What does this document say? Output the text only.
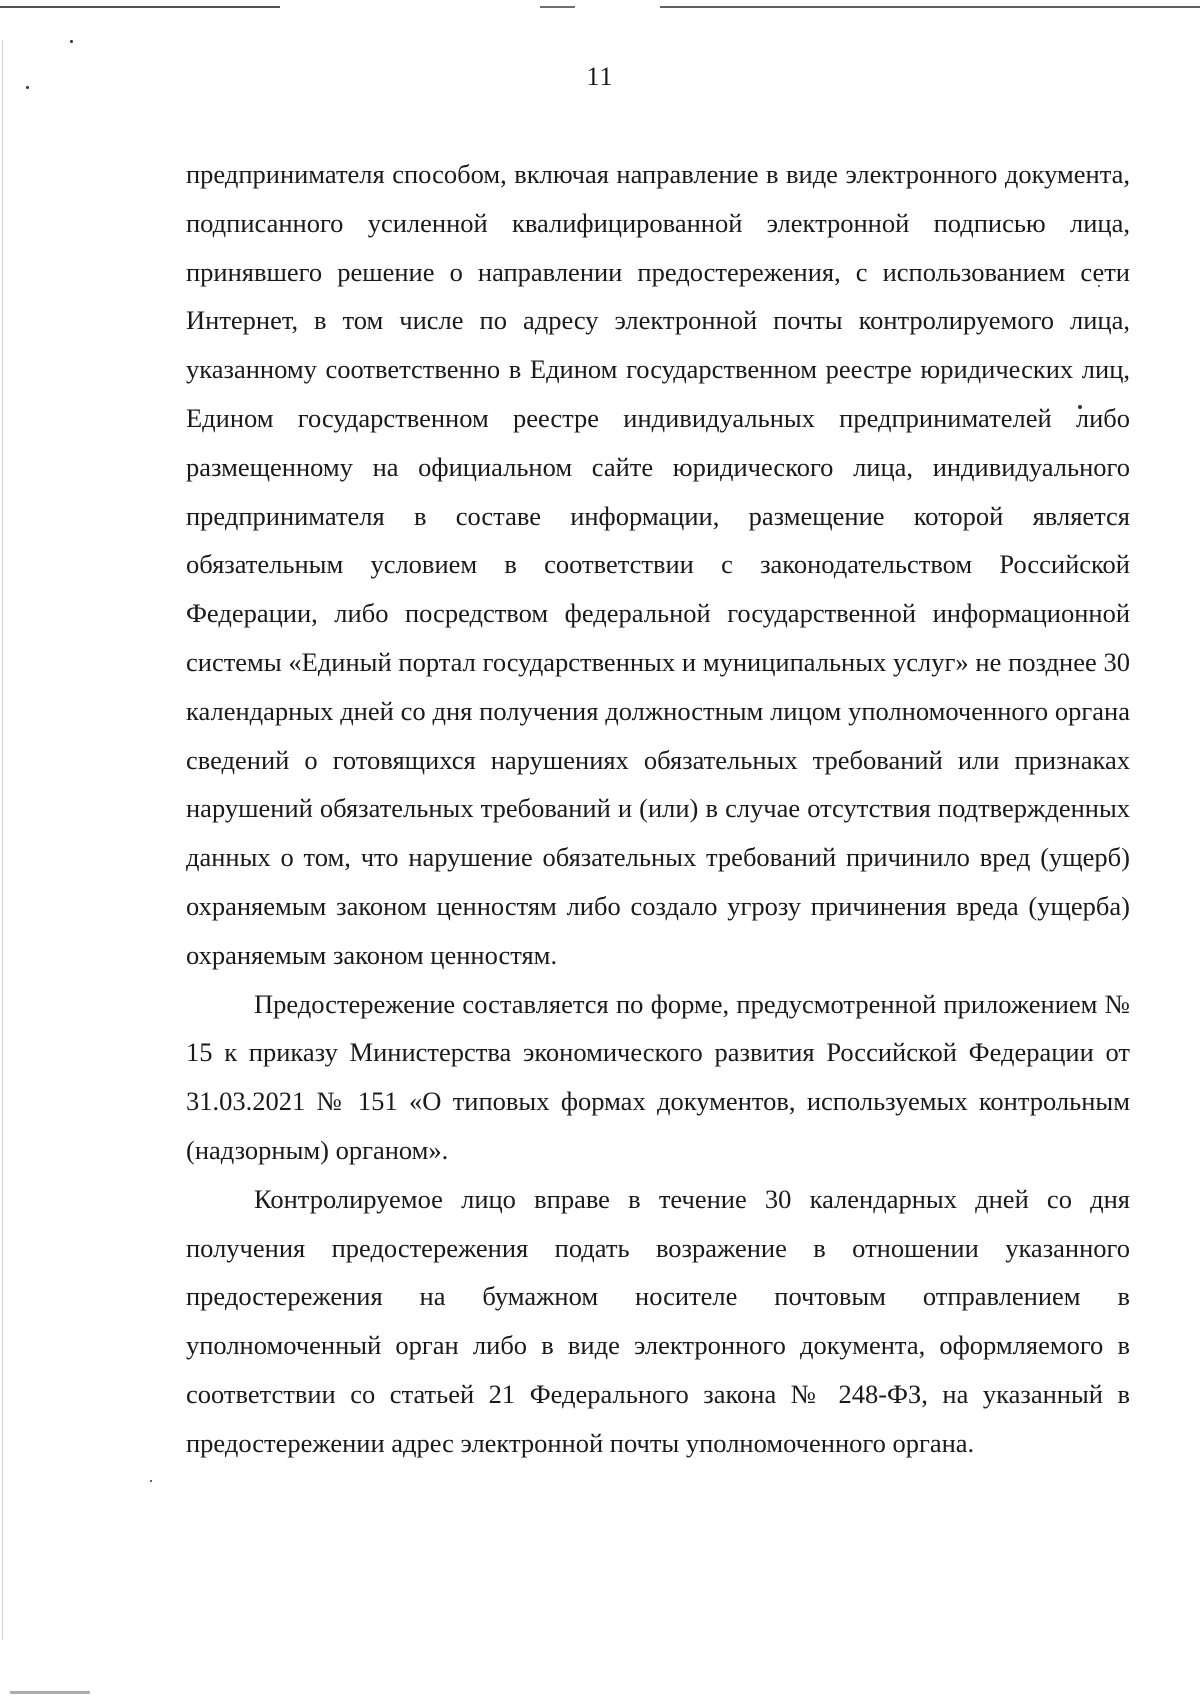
11

предпринимателя способом, включая направление в виде электронного документа, подписанного усиленной квалифицированной электронной подписью лица, принявшего решение о направлении предостережения, с использованием сети Интернет, в том числе по адресу электронной почты контролируемого лица, указанному соответственно в Едином государственном реестре юридических лиц, Едином государственном реестре индивидуальных предпринимателей либо размещенному на официальном сайте юридического лица, индивидуального предпринимателя в составе информации, размещение которой является обязательным условием в соответствии с законодательством Российской Федерации, либо посредством федеральной государственной информационной системы «Единый портал государственных и муниципальных услуг» не позднее 30 календарных дней со дня получения должностным лицом уполномоченного органа сведений о готовящихся нарушениях обязательных требований или признаках нарушений обязательных требований и (или) в случае отсутствия подтвержденных данных о том, что нарушение обязательных требований причинило вред (ущерб) охраняемым законом ценностям либо создало угрозу причинения вреда (ущерба) охраняемым законом ценностям.

Предостережение составляется по форме, предусмотренной приложением № 15 к приказу Министерства экономического развития Российской Федерации от 31.03.2021 № 151 «О типовых формах документов, используемых контрольным (надзорным) органом».

Контролируемое лицо вправе в течение 30 календарных дней со дня получения предостережения подать возражение в отношении указанного предостережения на бумажном носителе почтовым отправлением в уполномоченный орган либо в виде электронного документа, оформляемого в соответствии со статьей 21 Федерального закона № 248-ФЗ, на указанный в предостережении адрес электронной почты уполномоченного органа.
